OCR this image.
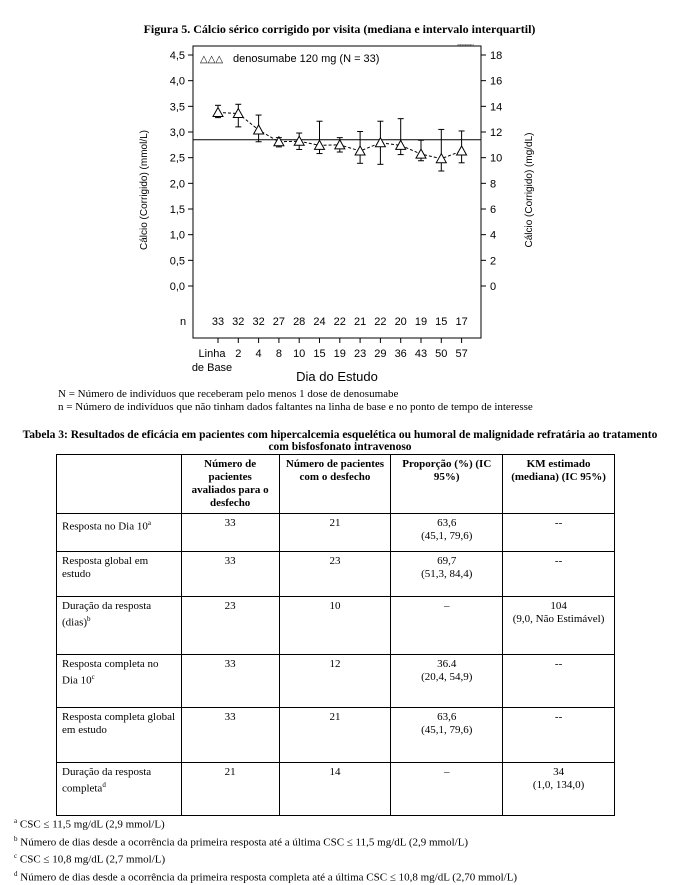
Figura 5. Cálcio sérico corrigido por visita (mediana e intervalo interquartil)
0000000001
△△△ denosumabe 120 mg (N = 33)
0,0
0,5
1,0
1,5
2,0
2,5
3,0
3,5
4,0
4,5
0
2
4
6
8
10
12
14
16
18
2 4 8 10 15 19 23 29 36 43 50 57
n 33 32 32 27 28 24 22 21 22 20 19 15 17
Linha
de Base
Dia do Estudo
Cálcio (Corrigido) (mmol/L)	Cálcio (Corrigido) (mg/dL)
N = Número de indivíduos que receberam pelo menos 1 dose de denosumabe
n = Número de indivíduos que não tinham dados faltantes na linha de base e no ponto de tempo de interesse
Tabela 3: Resultados de eficácia em pacientes com hipercalcemia esquelética ou humoral de malignidade refratária ao tratamento
com bisfosfonato intravenoso
	Número de pacientes avaliados para o desfecho	Número de pacientes com o desfecho	Proporção (%) (IC 95%)	KM estimado (mediana) (IC 95%)
Resposta no Dia 10$^a$	33	21	63,6
(45,1, 79,6)	--

Resposta global em estudo	33	23	69,7
(51,3, 84,4)	--

Duração da resposta (dias)$^b$	23	10	–	104
(9,0, Não Estimável)

Resposta completa no Dia 10$^c$	33	12	36.4
(20,4, 54,9)	--

Resposta completa global em estudo	33	21	63,6
(45,1, 79,6)	--

Duração da resposta completa$^d$	21	14	–	34
(1,0, 134,0)
$^a$ CSC ≤ 11,5 mg/dL (2,9 mmol/L)
$^b$ Número de dias desde a ocorrência da primeira resposta até a última CSC ≤ 11,5 mg/dL (2,9 mmol/L)
$^c$ CSC ≤ 10,8 mg/dL (2,7 mmol/L)
$^d$ Número de dias desde a ocorrência da primeira resposta completa até a última CSC ≤ 10,8 mg/dL (2,70 mmol/L)
